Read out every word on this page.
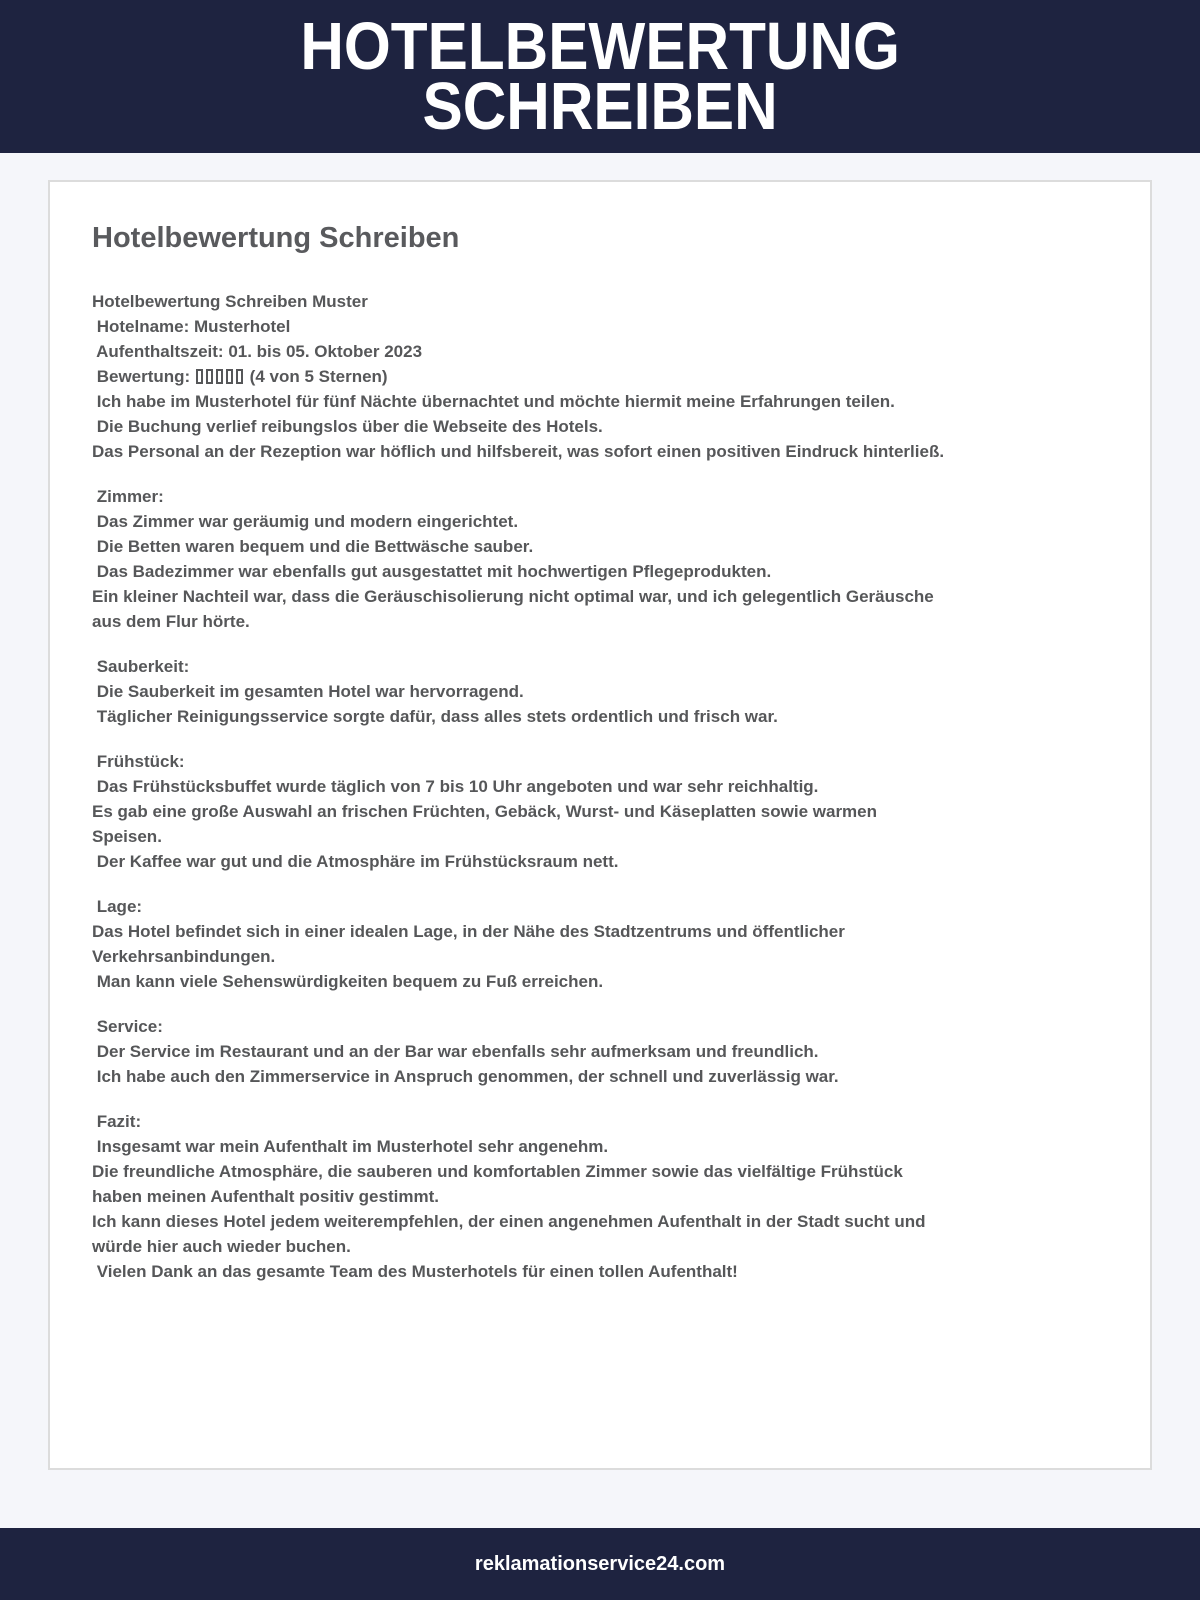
HOTELBEWERTUNG
SCHREIBEN
Hotelbewertung Schreiben
Hotelbewertung Schreiben Muster
Hotelname: Musterhotel
Aufenthaltszeit: 01. bis 05. Oktober 2023
Bewertung:	(4 von 5 Sternen)
Ich habe im Musterhotel für fünf Nächte übernachtet und möchte hiermit meine Erfahrungen teilen.
Die Buchung verlief reibungslos über die Webseite des Hotels.
Das Personal an der Rezeption war höflich und hilfsbereit, was sofort einen positiven Eindruck hinterließ.
Zimmer:
Das Zimmer war geräumig und modern eingerichtet.
Die Betten waren bequem und die Bettwäsche sauber.
Das Badezimmer war ebenfalls gut ausgestattet mit hochwertigen Pflegeprodukten.
Ein kleiner Nachteil war, dass die Geräuschisolierung nicht optimal war, und ich gelegentlich Geräusche
aus dem Flur hörte.
Sauberkeit:
Die Sauberkeit im gesamten Hotel war hervorragend.
Täglicher Reinigungsservice sorgte dafür, dass alles stets ordentlich und frisch war.
Frühstück:
Das Frühstücksbuffet wurde täglich von 7 bis 10 Uhr angeboten und war sehr reichhaltig.
Es gab eine große Auswahl an frischen Früchten, Gebäck, Wurst- und Käseplatten sowie warmen
Speisen.
Der Kaffee war gut und die Atmosphäre im Frühstücksraum nett.
Lage:
Das Hotel befindet sich in einer idealen Lage, in der Nähe des Stadtzentrums und öffentlicher
Verkehrsanbindungen.
Man kann viele Sehenswürdigkeiten bequem zu Fuß erreichen.
Service:
Der Service im Restaurant und an der Bar war ebenfalls sehr aufmerksam und freundlich.
Ich habe auch den Zimmerservice in Anspruch genommen, der schnell und zuverlässig war.
Fazit:
Insgesamt war mein Aufenthalt im Musterhotel sehr angenehm.
Die freundliche Atmosphäre, die sauberen und komfortablen Zimmer sowie das vielfältige Frühstück
haben meinen Aufenthalt positiv gestimmt.
Ich kann dieses Hotel jedem weiterempfehlen, der einen angenehmen Aufenthalt in der Stadt sucht und
würde hier auch wieder buchen.
Vielen Dank an das gesamte Team des Musterhotels für einen tollen Aufenthalt!
reklamationservice24.com
